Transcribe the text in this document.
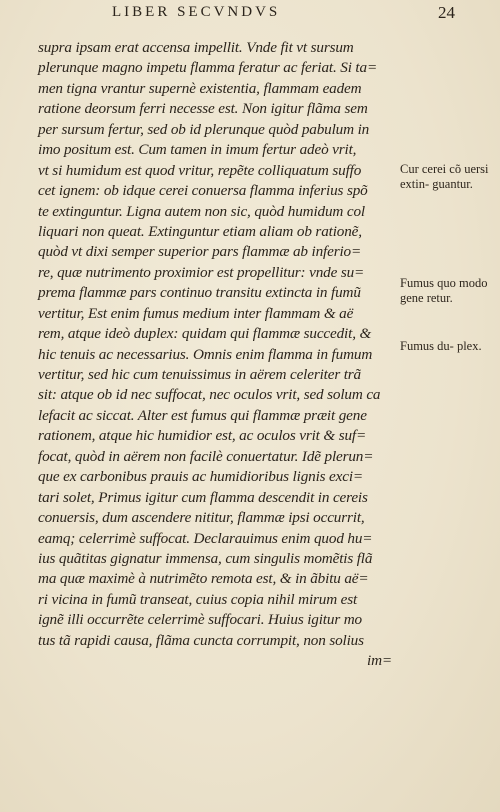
LIBER SECVNDVS	24
supra ipsam erat accensa impellit. Vnde fit vt sursum
plerunque magno impetu flamma feratur ac feriat. Si ta=
men tigna vrantur supernè existentia, flammam eadem
ratione deorsum ferri necesse est. Non igitur flãma sem
per sursum fertur, sed ob id plerunque quòd pabulum in
imo positum est. Cum tamen in imum fertur adeò vrit,
vt si humidum est quod vritur, repẽte colliquatum suffo
cet ignem: ob idque cerei conuersa flamma inferius spõ
te extinguntur. Ligna autem non sic, quòd humidum col
liquari non queat. Extinguntur etiam aliam ob rationẽ,
quòd vt dixi semper superior pars flammæ ab inferio=
re, quæ nutrimento proximior est propellitur: vnde su=
prema flammæ pars continuo transitu extincta in fumũ
vertitur, Est enim fumus medium inter flammam & aë
rem, atque ideò duplex: quidam qui flammæ succedit, &
hic tenuis ac necessarius. Omnis enim flamma in fumum
vertitur, sed hic cum tenuissimus in aërem celeriter trã
sit: atque ob id nec suffocat, nec oculos vrit, sed solum ca
lefacit ac siccat. Alter est fumus qui flammæ præit gene
rationem, atque hic humidior est, ac oculos vrit & suf=
focat, quòd in aërem non facilè conuertatur. Idẽ plerun=
que ex carbonibus prauis ac humidioribus lignis exci=
tari solet, Primus igitur cum flamma descendit in cereis
conuersis, dum ascendere nititur, flammæ ipsi occurrit,
eamq; celerrimè suffocat. Declarauimus enim quod hu=
ius quãtitas gignatur immensa, cum singulis momẽtis flã
ma quæ maximè à nutrimẽto remota est, & in ãbitu aë=
ri vicina in fumũ transeat, cuius copia nihil mirum est
ignẽ illi occurrẽte celerrimè suffocari. Huius igitur mo
tus tã rapidi causa, flãma cuncta corrumpit, non solius
im=
Cur cerei cõ uersi extin- guantur.
Fumus quo modo gene retur.
Fumus du- plex.
